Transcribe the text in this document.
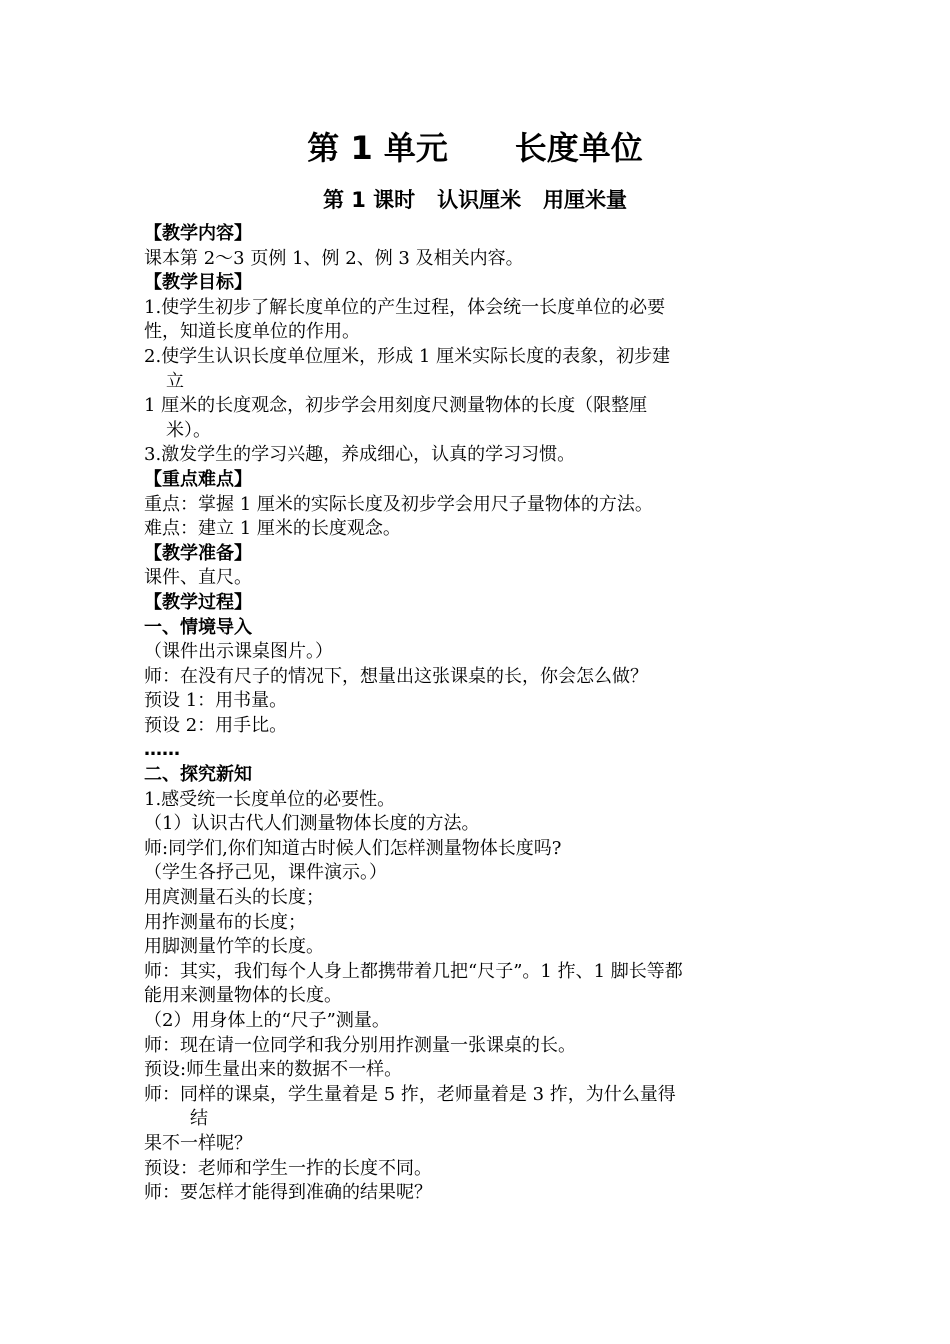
第 1 单元      长度单位
第 1 课时   认识厘米   用厘米量
【教学内容】
课本第 2～3 页例 1、例 2、例 3 及相关内容。
【教学目标】
1.使学生初步了解长度单位的产生过程，体会统一长度单位的必要
性，知道长度单位的作用。
2.使学生认识长度单位厘米，形成 1 厘米实际长度的表象，初步建
立
1 厘米的长度观念，初步学会用刻度尺测量物体的长度（限整厘
米）。
3.激发学生的学习兴趣，养成细心，认真的学习习惯。
【重点难点】
重点：掌握 1 厘米的实际长度及初步学会用尺子量物体的方法。
难点：建立 1 厘米的长度观念。
【教学准备】
课件、直尺。
【教学过程】
一、情境导入
（课件出示课桌图片。）
师：在没有尺子的情况下，想量出这张课桌的长，你会怎么做？
预设 1：用书量。
预设 2：用手比。
……
二、探究新知
1.感受统一长度单位的必要性。
（1）认识古代人们测量物体长度的方法。
师:同学们,你们知道古时候人们怎样测量物体长度吗?
（学生各抒己见，课件演示。）
用庹测量石头的长度；
用拃测量布的长度；
用脚测量竹竿的长度。
师：其实，我们每个人身上都携带着几把“尺子”。1 拃、1 脚长等都
能用来测量物体的长度。
（2）用身体上的“尺子”测量。
师：现在请一位同学和我分别用拃测量一张课桌的长。
预设:师生量出来的数据不一样。
师：同样的课桌，学生量着是 5 拃，老师量着是 3 拃，为什么量得
结
果不一样呢？
预设：老师和学生一拃的长度不同。
师：要怎样才能得到准确的结果呢？
